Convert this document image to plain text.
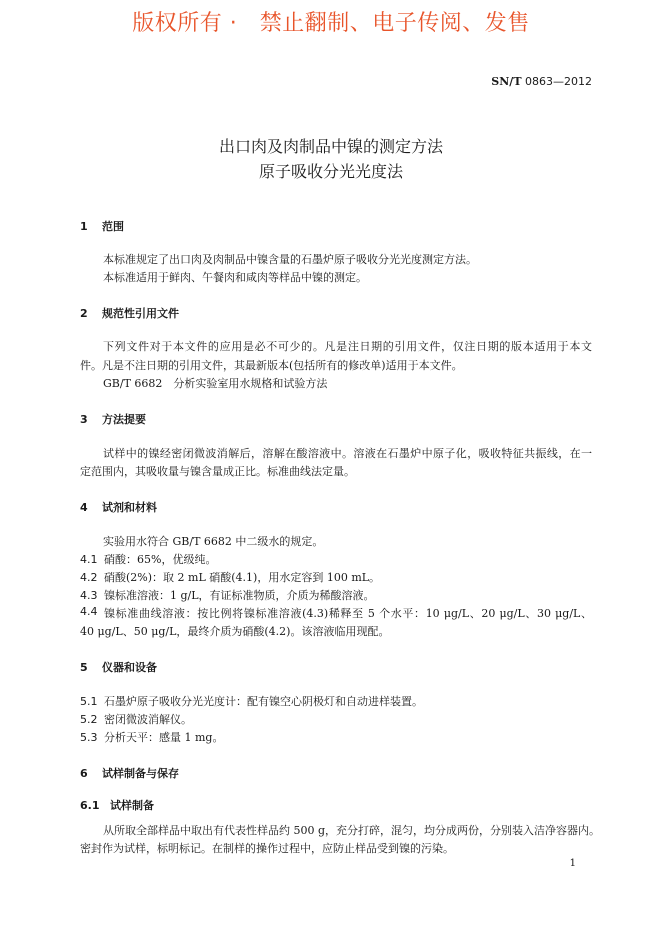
版权所有 ·   禁止翻制、电子传阅、发售
SN/T 0863—2012
出口肉及肉制品中镍的测定方法
原子吸收分光光度法
1 范围
本标准规定了出口肉及肉制品中镍含量的石墨炉原子吸收分光光度测定方法。
本标准适用于鲜肉、午餐肉和咸肉等样品中镍的测定。
2 规范性引用文件
下列文件对于本文件的应用是必不可少的。凡是注日期的引用文件，仅注日期的版本适用于本文
件。凡是不注日期的引用文件，其最新版本(包括所有的修改单)适用于本文件。
GB/T 6682　分析实验室用水规格和试验方法
3 方法提要
试样中的镍经密闭微波消解后，溶解在酸溶液中。溶液在石墨炉中原子化，吸收特征共振线，在一
定范围内，其吸收量与镍含量成正比。标准曲线法定量。
4 试剂和材料
实验用水符合 GB/T 6682 中二级水的规定。
4.1 硝酸：65%，优级纯。
4.2 硝酸(2%)：取 2 mL 硝酸(4.1)，用水定容到 100 mL。
4.3 镍标准溶液：1 g/L，有证标准物质，介质为稀酸溶液。
4.4 镍标准曲线溶液：按比例将镍标准溶液(4.3)稀释至 5 个水平：10 μg/L、20 μg/L、30 μg/L、
40 μg/L、50 μg/L，最终介质为硝酸(4.2)。该溶液临用现配。
5 仪器和设备
5.1 石墨炉原子吸收分光光度计：配有镍空心阴极灯和自动进样装置。
5.2 密闭微波消解仪。
5.3 分析天平：感量 1 mg。
6 试样制备与保存
6.1 试样制备
从所取全部样品中取出有代表性样品约 500 g，充分打碎，混匀，均分成两份，分别装入洁净容器内。
密封作为试样，标明标记。在制样的操作过程中，应防止样品受到镍的污染。
1
